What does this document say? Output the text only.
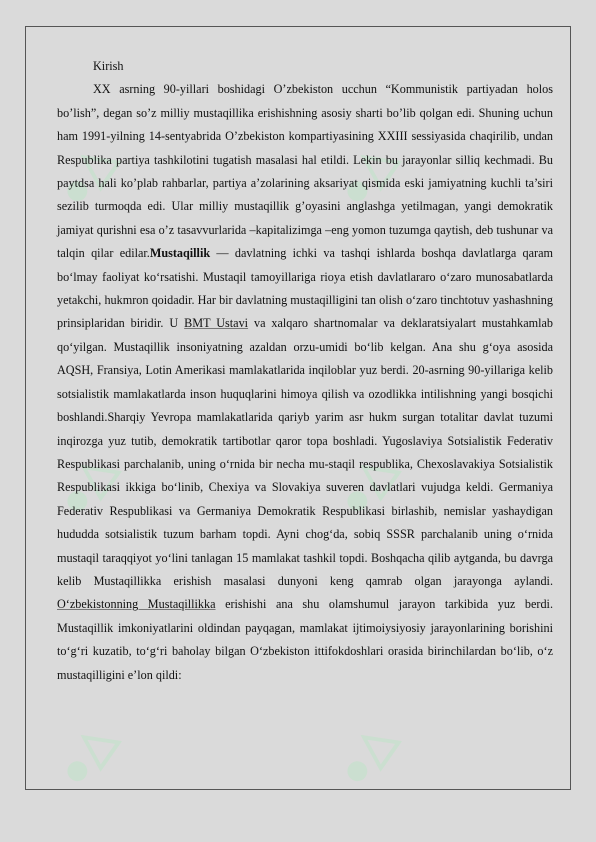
●△	●△
●△	●△
●△	●△

Kirish

XX asrning 90-yillari boshidagi O’zbekiston ucchun “Kommunistik partiyadan holos bo’lish”, degan so’z milliy mustaqillika erishishning asosiy sharti bo’lib qolgan edi. Shuning uchun ham 1991-yilning 14-sentyabrida O’zbekiston kompartiyasining XXIII sessiyasida chaqirilib, undan Respublika partiya tashkilotini tugatish masalasi hal etildi. Lekin bu jarayonlar silliq kechmadi. Bu paytdsa hali ko’plab rahbarlar, partiya a’zolarining aksariyat qismida eski jamiyatning kuchli ta’siri sezilib turmoqda edi. Ular milliy mustaqillik g’oyasini anglashga yetilmagan, yangi demokratik jamiyat qurishni esa o’z tasavvurlarida –kapitalizimga –eng yomon tuzumga qaytish, deb tushunar va talqin qilar edilar.Mustaqillik — davlatning ichki va tashqi ishlarda boshqa davlatlarga qaram boʻlmay faoliyat koʻrsatishi. Mustaqil tamoyillariga rioya etish davlatlararo oʻzaro munosabatlarda yetakchi, hukmron qoidadir. Har bir davlatning mustaqilligini tan olish oʻzaro tinchtotuv yashashning prinsiplaridan biridir. U BMT Ustavi va xalqaro shartnomalar va deklaratsiyalart mustahkamlab qoʻyilgan. Mustaqillik insoniyatning azaldan orzu-umidi boʻlib kelgan. Ana shu gʻoya asosida AQSH, Fransiya, Lotin Amerikasi mamlakatlarida inqiloblar yuz berdi. 20-asrning 90-yillariga kelib sotsialistik mamlakatlarda inson huquqlarini himoya qilish va ozodlikka intilishning yangi bosqichi boshlandi.Sharqiy Yevropa mamlakatlarida qariyb yarim asr hukm surgan totalitar davlat tuzumi inqirozga yuz tutib, demokratik tartibotlar qaror topa boshladi. Yugoslaviya Sotsialistik Federativ Respublikasi parchalanib, uning oʻrnida bir necha mu-staqil respublika, Chexoslavakiya Sotsialistik Respublikasi ikkiga boʻlinib, Chexiya va Slovakiya suveren davlatlari vujudga keldi. Germaniya Federativ Respublikasi va Germaniya Demokratik Respublikasi birlashib, nemislar yashaydigan hududda sotsialistik tuzum barham topdi. Ayni chogʻda, sobiq SSSR parchalanib uning oʻrnida mustaqil taraqqiyot yoʻlini tanlagan 15 mamlakat tashkil topdi. Boshqacha qilib aytganda, bu davrga kelib Mustaqillikka erishish masalasi dunyoni keng qamrab olgan jarayonga aylandi. Oʻzbekistonning Mustaqillikka erishishi ana shu olamshumul jarayon tarkibida yuz berdi. Mustaqillik imkoniyatlarini oldindan payqagan, mamlakat ijtimoiysiyosiy jarayonlarining borishini toʻgʻri kuzatib, toʻgʻri baholay bilgan Oʻzbekiston ittifokdoshlari orasida birinchilardan boʻlib, oʻz mustaqilligini e’lon qildi:
